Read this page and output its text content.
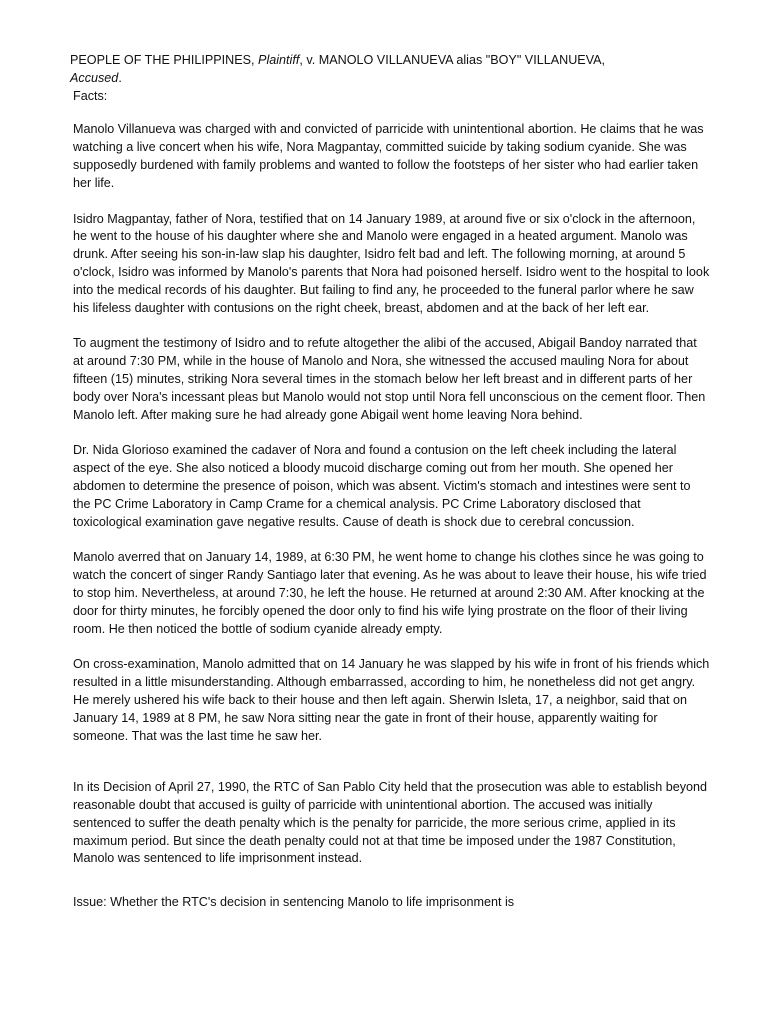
PEOPLE OF THE PHILIPPINES, Plaintiff, v. MANOLO VILLANUEVA alias "BOY" VILLANUEVA,
Accused.

Facts:

Manolo Villanueva was charged with and convicted of parricide with unintentional abortion. He claims that he was watching a live concert when his wife, Nora Magpantay, committed suicide by taking sodium cyanide. She was supposedly burdened with family problems and wanted to follow the footsteps of her sister who had earlier taken her life.

Isidro Magpantay, father of Nora, testified that on 14 January 1989, at around five or six o'clock in the afternoon, he went to the house of his daughter where she and Manolo were engaged in a heated argument. Manolo was drunk. After seeing his son-in-law slap his daughter, Isidro felt bad and left. The following morning, at around 5 o'clock, Isidro was informed by Manolo's parents that Nora had poisoned herself. Isidro went to the hospital to look into the medical records of his daughter. But failing to find any, he proceeded to the funeral parlor where he saw his lifeless daughter with contusions on the right cheek, breast, abdomen and at the back of her left ear.

To augment the testimony of Isidro and to refute altogether the alibi of the accused, Abigail Bandoy narrated that at around 7:30 PM, while in the house of Manolo and Nora, she witnessed the accused mauling Nora for about fifteen (15) minutes, striking Nora several times in the stomach below her left breast and in different parts of her body over Nora's incessant pleas but Manolo would not stop until Nora fell unconscious on the cement floor. Then Manolo left. After making sure he had already gone Abigail went home leaving Nora behind.

Dr. Nida Glorioso examined the cadaver of Nora and found a contusion on the left cheek including the lateral aspect of the eye. She also noticed a bloody mucoid discharge coming out from her mouth. She opened her abdomen to determine the presence of poison, which was absent. Victim's stomach and intestines were sent to the PC Crime Laboratory in Camp Crame for a chemical analysis. PC Crime Laboratory disclosed that toxicological examination gave negative results. Cause of death is shock due to cerebral concussion.

Manolo averred that on January 14, 1989, at 6:30 PM, he went home to change his clothes since he was going to watch the concert of singer Randy Santiago later that evening. As he was about to leave their house, his wife tried to stop him. Nevertheless, at around 7:30, he left the house. He returned at around 2:30 AM. After knocking at the door for thirty minutes, he forcibly opened the door only to find his wife lying prostrate on the floor of their living room. He then noticed the bottle of sodium cyanide already empty.

On cross-examination, Manolo admitted that on 14 January he was slapped by his wife in front of his friends which resulted in a little misunderstanding. Although embarrassed, according to him, he nonetheless did not get angry. He merely ushered his wife back to their house and then left again. Sherwin Isleta, 17, a neighbor, said that on January 14, 1989 at 8 PM, he saw Nora sitting near the gate in front of their house, apparently waiting for someone. That was the last time he saw her.

In its Decision of April 27, 1990, the RTC of San Pablo City held that the prosecution was able to establish beyond reasonable doubt that accused is guilty of parricide with unintentional abortion. The accused was initially sentenced to suffer the death penalty which is the penalty for parricide, the more serious crime, applied in its maximum period. But since the death penalty could not at that time be imposed under the 1987 Constitution, Manolo was sentenced to life imprisonment instead.

Issue: Whether the RTC's decision in sentencing Manolo to life imprisonment is
